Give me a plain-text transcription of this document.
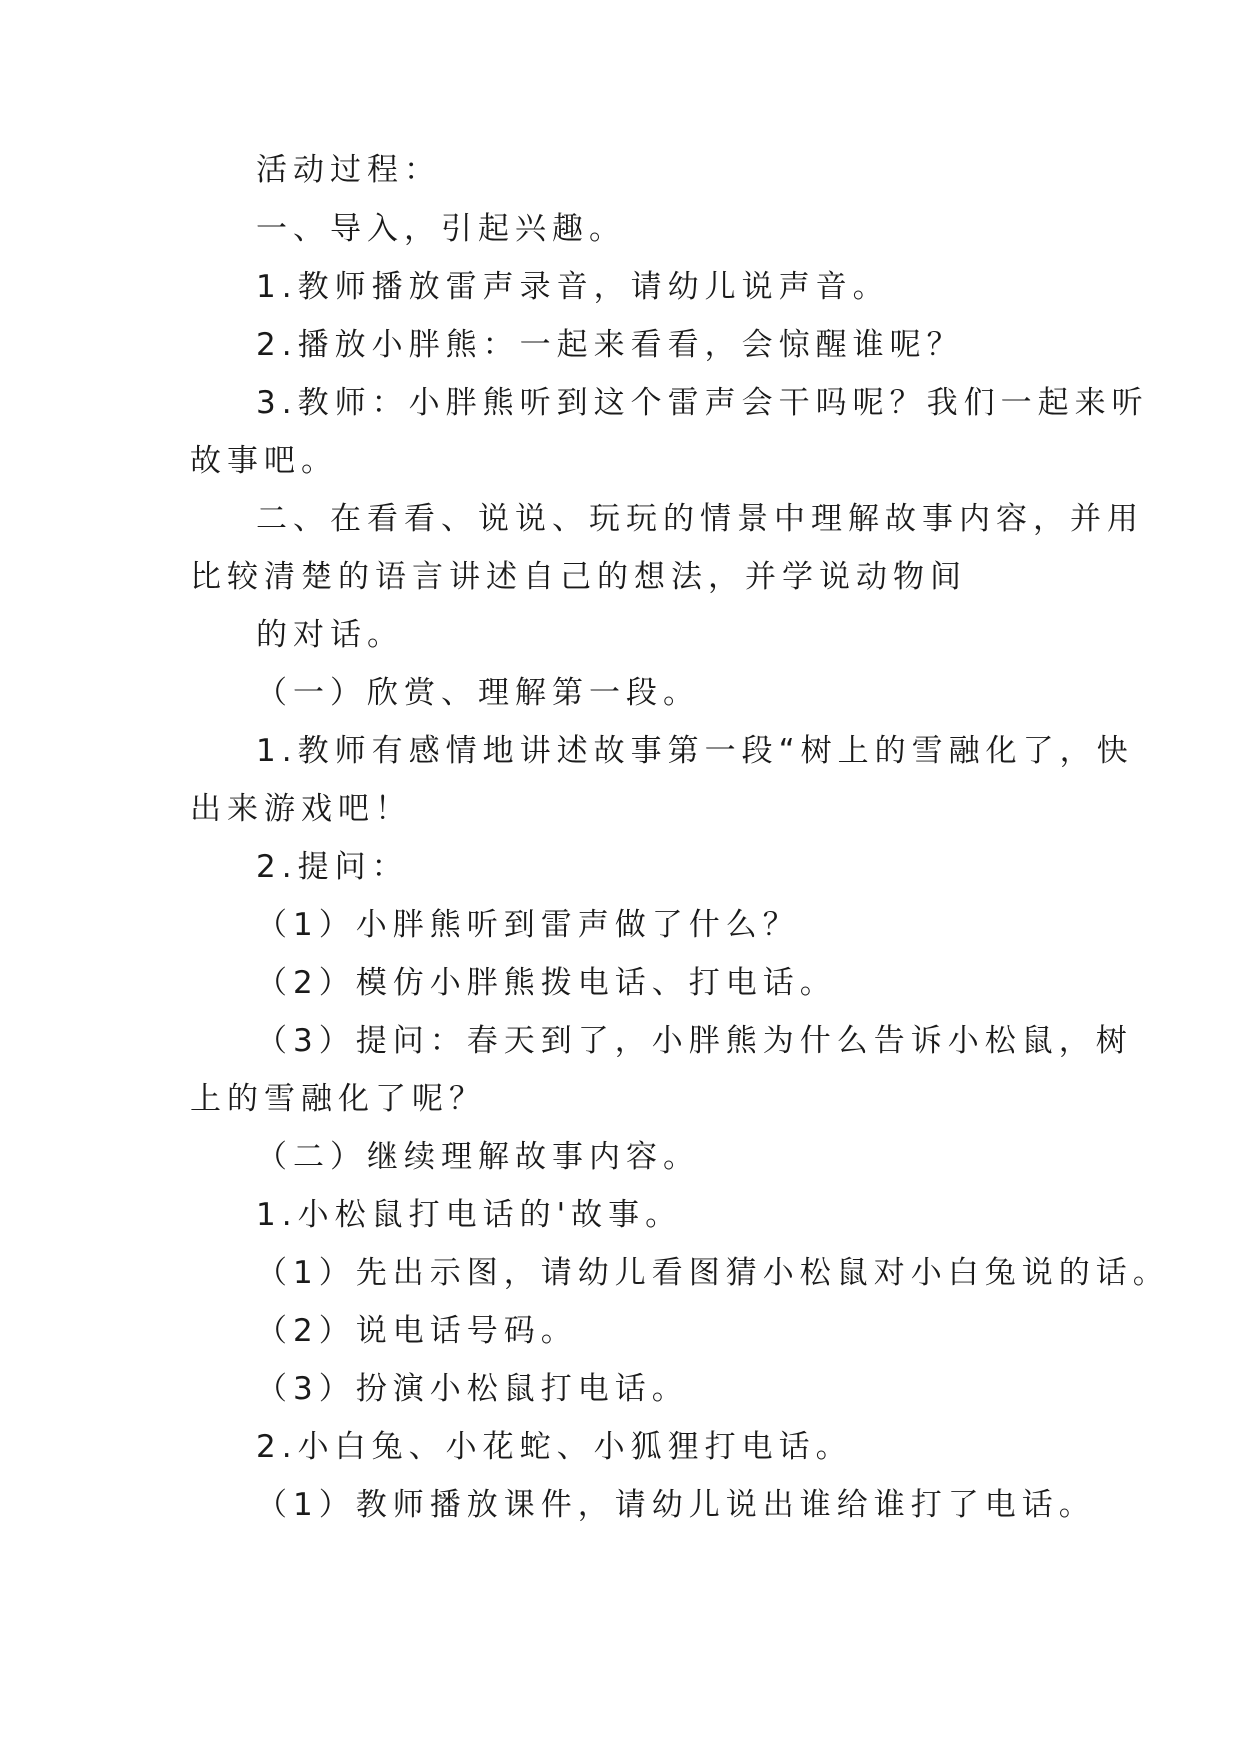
活动过程：

一、导入，引起兴趣。

1.教师播放雷声录音，请幼儿说声音。

2.播放小胖熊：一起来看看，会惊醒谁呢？

3.教师：小胖熊听到这个雷声会干吗呢？我们一起来听

故事吧。

二、在看看、说说、玩玩的情景中理解故事内容，并用

比较清楚的语言讲述自己的想法，并学说动物间

的对话。

（一）欣赏、理解第一段。

1.教师有感情地讲述故事第一段“树上的雪融化了，快

出来游戏吧！

2.提问：

（1）小胖熊听到雷声做了什么？

（2）模仿小胖熊拨电话、打电话。

（3）提问：春天到了，小胖熊为什么告诉小松鼠，树

上的雪融化了呢？

（二）继续理解故事内容。

1.小松鼠打电话的'故事。

（1）先出示图，请幼儿看图猜小松鼠对小白兔说的话。

（2）说电话号码。

（3）扮演小松鼠打电话。

2.小白兔、小花蛇、小狐狸打电话。

（1）教师播放课件，请幼儿说出谁给谁打了电话。
